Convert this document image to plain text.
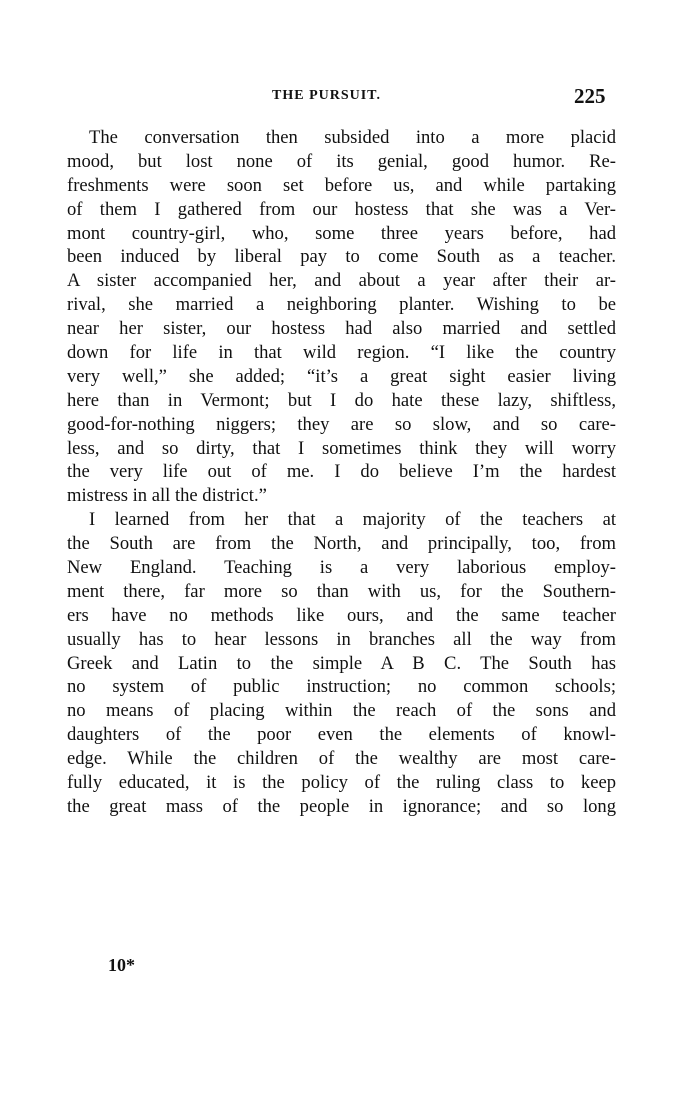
THE PURSUIT.	225
The conversation then subsided into a more placid
mood, but lost none of its genial, good humor. Re-
freshments were soon set before us, and while partaking
of them I gathered from our hostess that she was a Ver-
mont country-girl, who, some three years before, had
been induced by liberal pay to come South as a teacher.
A sister accompanied her, and about a year after their ar-
rival, she married a neighboring planter. Wishing to be
near her sister, our hostess had also married and settled
down for life in that wild region. “I like the country
very well,” she added; “it’s a great sight easier living
here than in Vermont; but I do hate these lazy, shiftless,
good-for-nothing niggers; they are so slow, and so care-
less, and so dirty, that I sometimes think they will worry
the very life out of me. I do believe I’m the hardest
mistress in all the district.”
I learned from her that a majority of the teachers at
the South are from the North, and principally, too, from
New England. Teaching is a very laborious employ-
ment there, far more so than with us, for the Southern-
ers have no methods like ours, and the same teacher
usually has to hear lessons in branches all the way from
Greek and Latin to the simple A B C. The South has
no system of public instruction; no common schools;
no means of placing within the reach of the sons and
daughters of the poor even the elements of knowl-
edge. While the children of the wealthy are most care-
fully educated, it is the policy of the ruling class to keep
the great mass of the people in ignorance; and so long
10*
